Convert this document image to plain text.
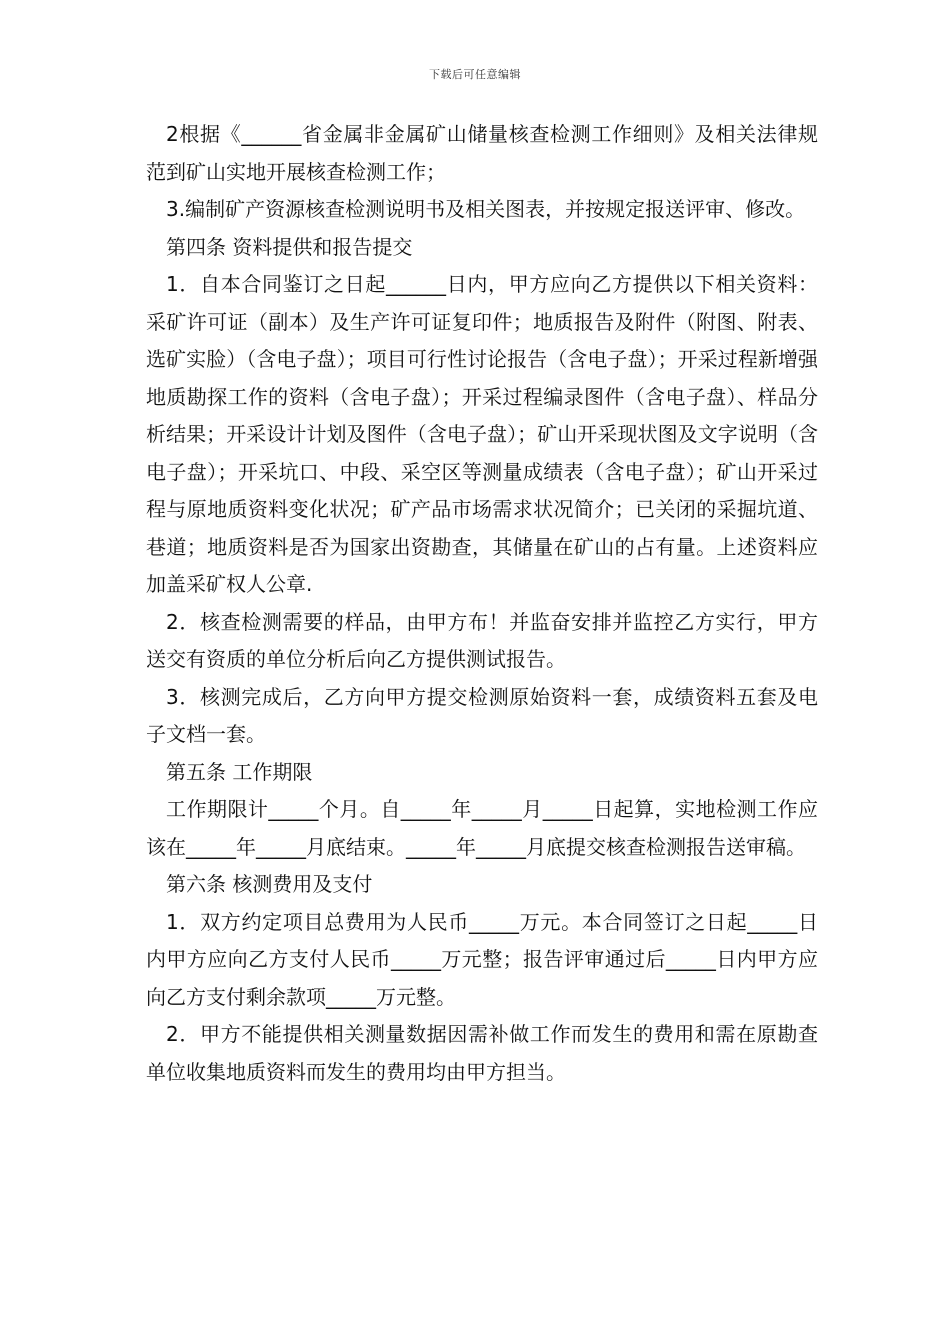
下载后可任意编辑

2根据《______省金属非金属矿山储量核查检测工作细则》及相关法律规范到矿山实地开展核查检测工作；

3.编制矿产资源核查检测说明书及相关图表，并按规定报送评审、修改。

第四条 资料提供和报告提交

1．自本合同鉴订之日起______日内，甲方应向乙方提供以下相关资料：采矿许可证（副本）及生产许可证复印件；地质报告及附件（附图、附表、选矿实脸）（含电子盘）；项目可行性讨论报告（含电子盘）；开采过程新增强地质勘探工作的资料（含电子盘）；开采过程编录图件（含电子盘）、样品分析结果；开采设计计划及图件（含电子盘）；矿山开采现状图及文字说明（含电子盘）；开采坑口、中段、采空区等测量成绩表（含电子盘）；矿山开采过程与原地质资料变化状况；矿产品市场需求状况简介；已关闭的采掘坑道、巷道；地质资料是否为国家出资勘查，其储量在矿山的占有量。上述资料应加盖采矿权人公章.

2．核查检测需要的样品，由甲方布！并监奋安排并监控乙方实行，甲方送交有资质的单位分析后向乙方提供测试报告。

3．核测完成后，乙方向甲方提交检测原始资料一套，成绩资料五套及电子文档一套。

第五条 工作期限

工作期限计_____个月。自_____年_____月_____日起算，实地检测工作应该在_____年_____月底结束。_____年_____月底提交核查检测报告送审稿。

第六条 核测费用及支付

1．双方约定项目总费用为人民币_____万元。本合同签订之日起_____日内甲方应向乙方支付人民币_____万元整；报告评审通过后_____日内甲方应向乙方支付剩余款项_____万元整。

2．甲方不能提供相关测量数据因需补做工作而发生的费用和需在原勘查单位收集地质资料而发生的费用均由甲方担当。
